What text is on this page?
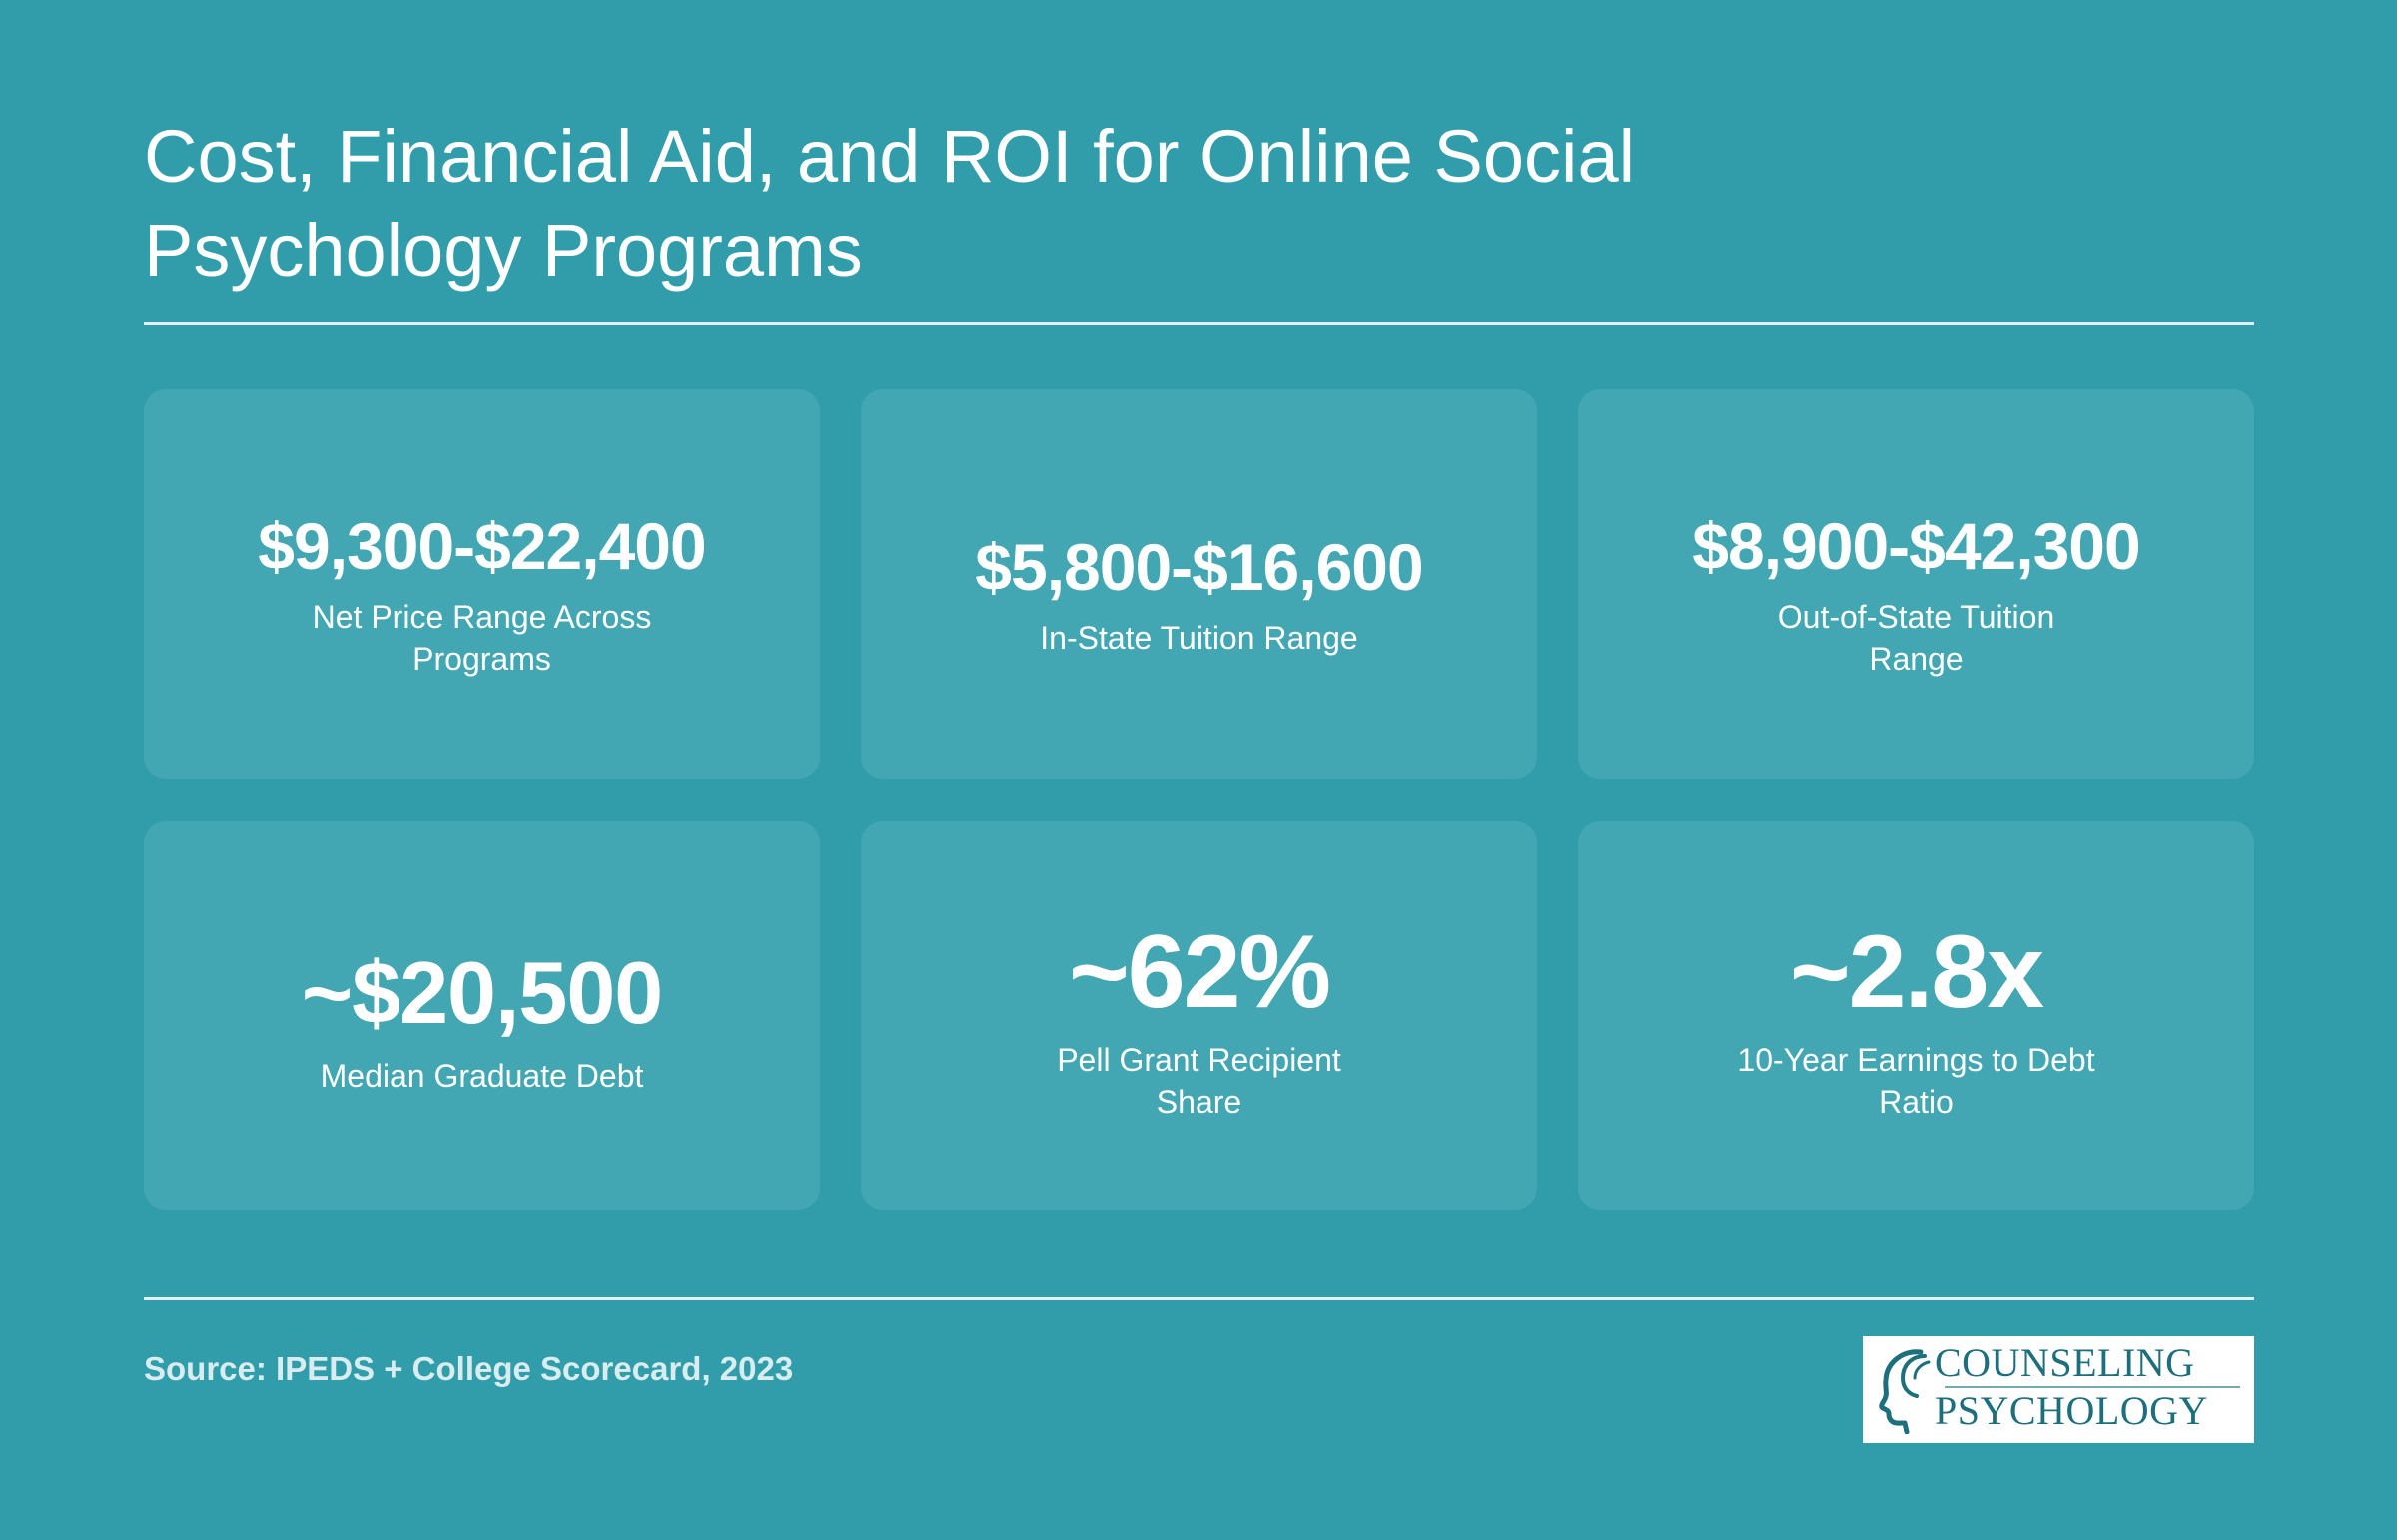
Cost, Financial Aid, and ROI for Online Social Psychology Programs
$9,300-$22,400
Net Price Range Across Programs
$5,800-$16,600
In-State Tuition Range
$8,900-$42,300
Out-of-State Tuition Range
~$20,500
Median Graduate Debt
~62%
Pell Grant Recipient Share
~2.8x
10-Year Earnings to Debt Ratio
Source: IPEDS + College Scorecard, 2023	COUNSELING
PSYCHOLOGY
